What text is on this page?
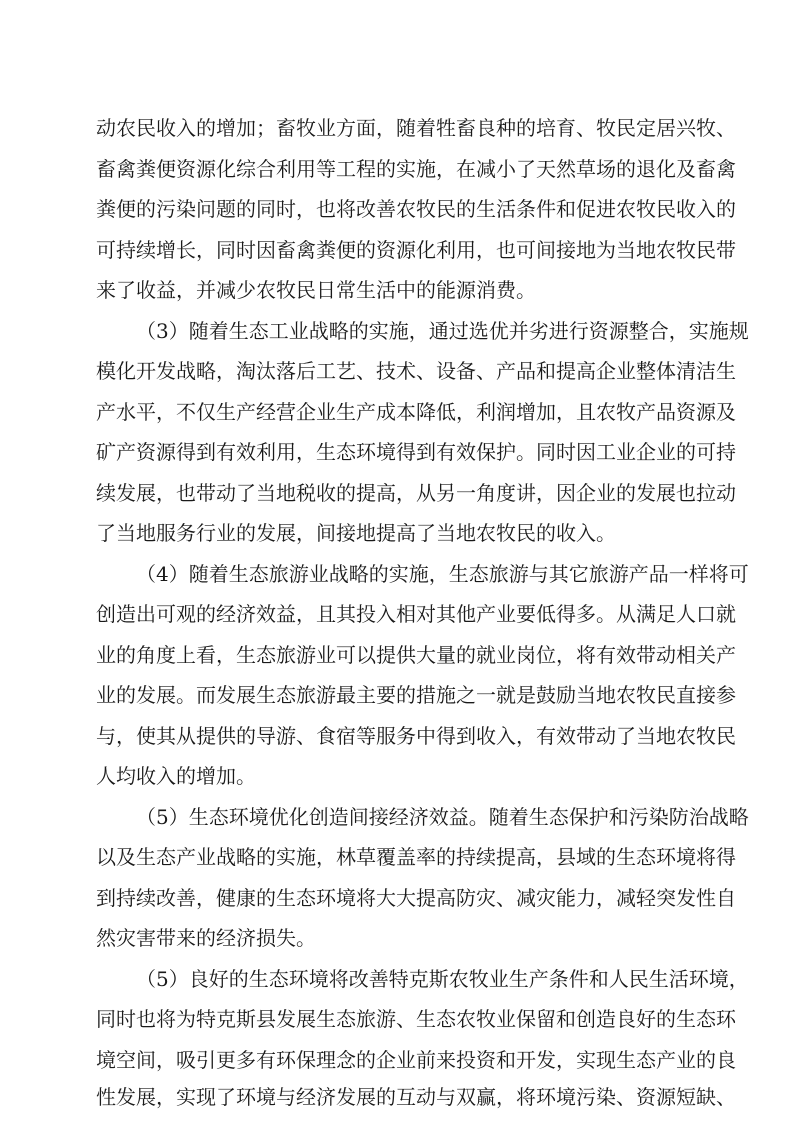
动农民收入的增加；畜牧业方面，随着牲畜良种的培育、牧民定居兴牧、
畜禽粪便资源化综合利用等工程的实施，在减小了天然草场的退化及畜禽
粪便的污染问题的同时，也将改善农牧民的生活条件和促进农牧民收入的
可持续增长，同时因畜禽粪便的资源化利用，也可间接地为当地农牧民带
来了收益，并减少农牧民日常生活中的能源消费。
（3）随着生态工业战略的实施，通过选优并劣进行资源整合，实施规
模化开发战略，淘汰落后工艺、技术、设备、产品和提高企业整体清洁生
产水平，不仅生产经营企业生产成本降低，利润增加，且农牧产品资源及
矿产资源得到有效利用，生态环境得到有效保护。同时因工业企业的可持
续发展，也带动了当地税收的提高，从另一角度讲，因企业的发展也拉动
了当地服务行业的发展，间接地提高了当地农牧民的收入。
（4）随着生态旅游业战略的实施，生态旅游与其它旅游产品一样将可
创造出可观的经济效益，且其投入相对其他产业要低得多。从满足人口就
业的角度上看，生态旅游业可以提供大量的就业岗位，将有效带动相关产
业的发展。而发展生态旅游最主要的措施之一就是鼓励当地农牧民直接参
与，使其从提供的导游、食宿等服务中得到收入，有效带动了当地农牧民
人均收入的增加。
（5）生态环境优化创造间接经济效益。随着生态保护和污染防治战略
以及生态产业战略的实施，林草覆盖率的持续提高，县域的生态环境将得
到持续改善，健康的生态环境将大大提高防灾、减灾能力，减轻突发性自
然灾害带来的经济损失。
（5）良好的生态环境将改善特克斯农牧业生产条件和人民生活环境，
同时也将为特克斯县发展生态旅游、生态农牧业保留和创造良好的生态环
境空间，吸引更多有环保理念的企业前来投资和开发，实现生态产业的良
性发展，实现了环境与经济发展的互动与双赢，将环境污染、资源短缺、
